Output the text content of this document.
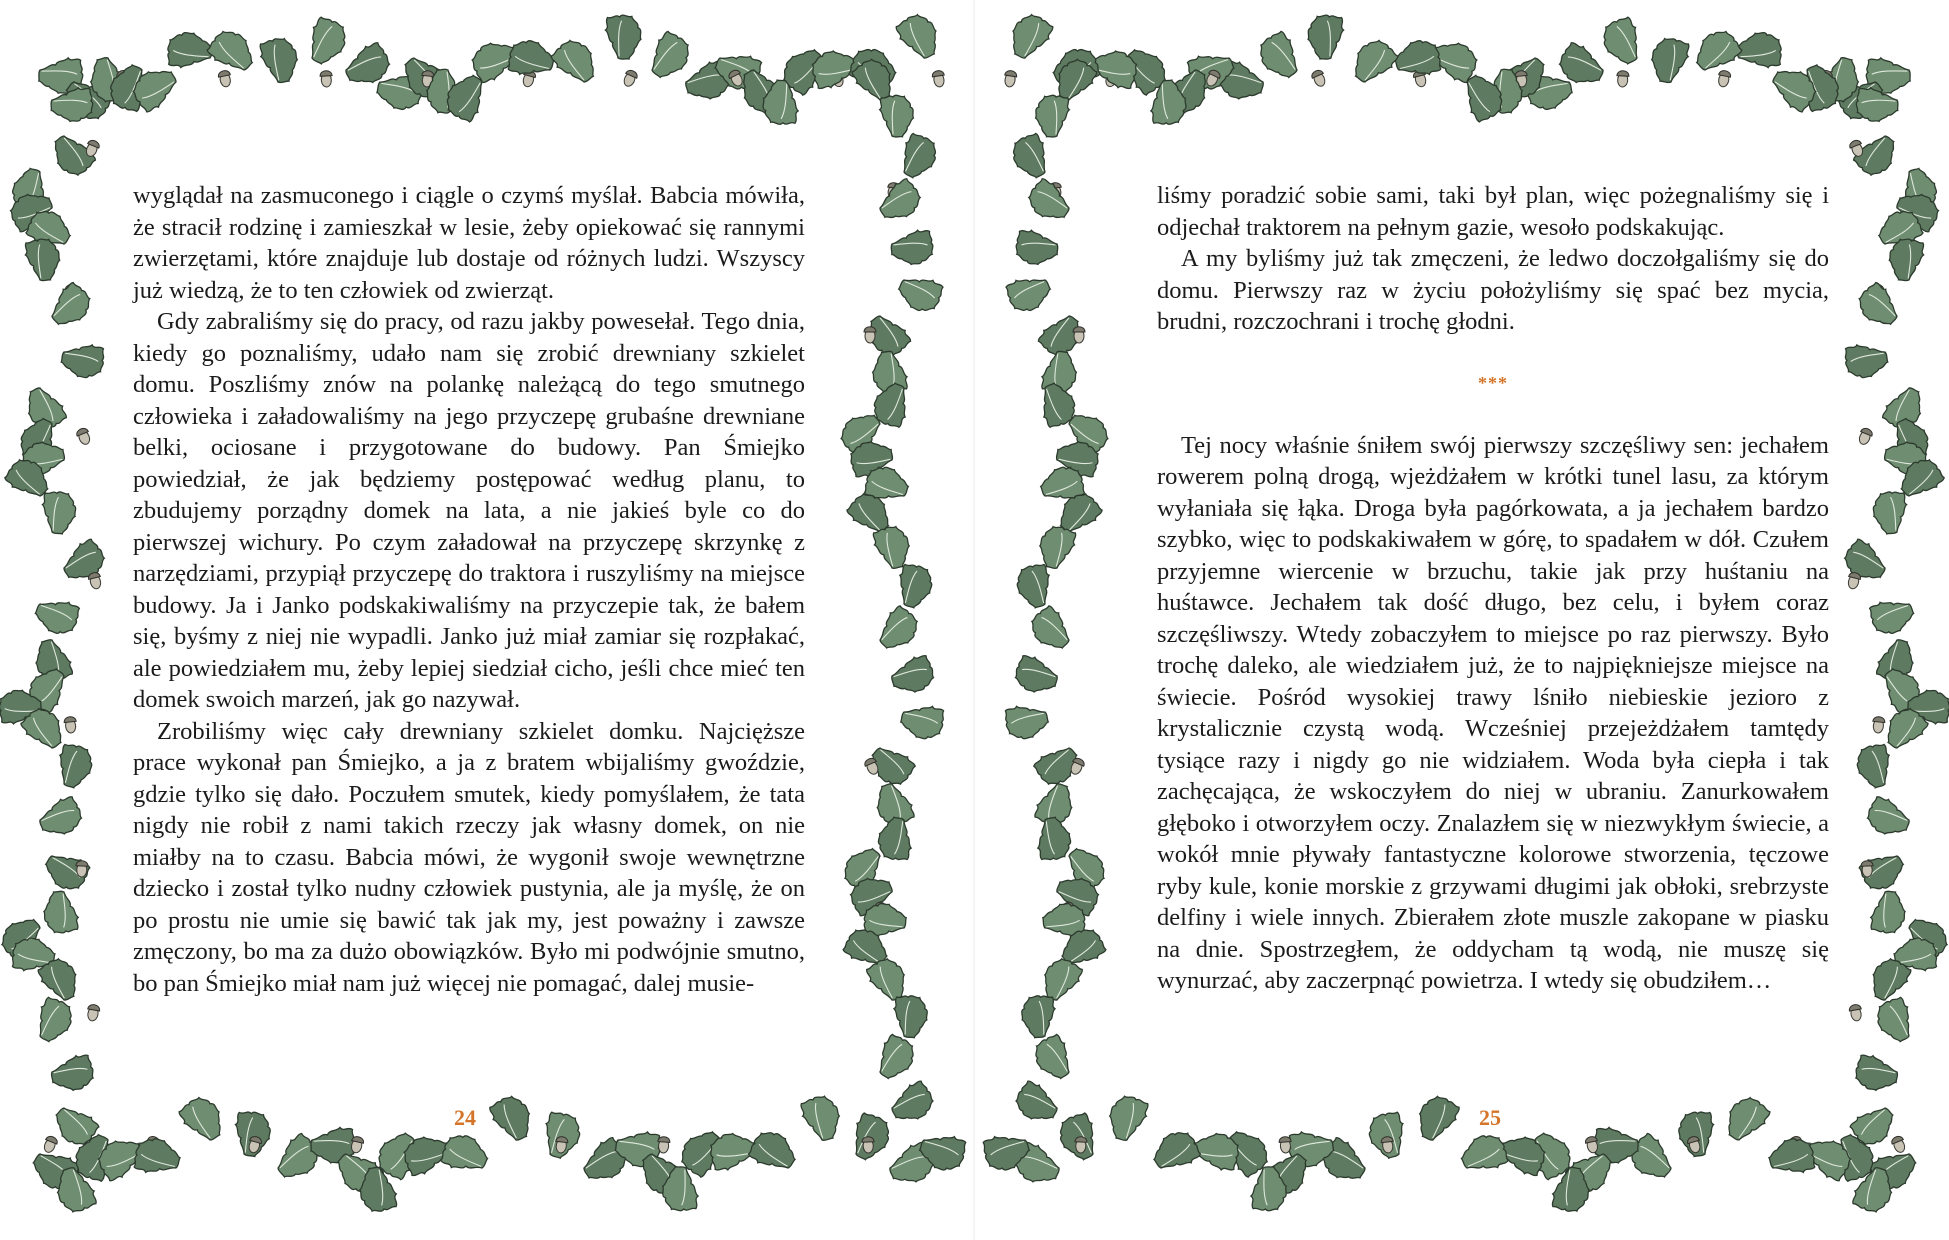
wyglądał na zasmuconego i ciągle o czymś myślał. Babcia mówiła, że stracił rodzinę i zamieszkał w lesie, żeby opiekować się rannymi zwierzętami, które znajduje lub dostaje od różnych ludzi. Wszyscy już wiedzą, że to ten człowiek od zwierząt.

Gdy zabraliśmy się do pracy, od razu jakby powesełał. Tego dnia, kiedy go poznaliśmy, udało nam się zrobić drewniany szkielet domu. Poszliśmy znów na polankę należącą do tego smutnego człowieka i załadowaliśmy na jego przyczepę grubaśne drewniane belki, ociosane i przygotowane do budowy. Pan Śmiejko powiedział, że jak będziemy postępować według planu, to zbudujemy porządny domek na lata, a nie jakieś byle co do pierwszej wichury. Po czym załadował na przyczepę skrzynkę z narzędziami, przypiął przyczepę do traktora i ruszyliśmy na miejsce budowy. Ja i Janko podskakiwaliśmy na przyczepie tak, że bałem się, byśmy z niej nie wypadli. Janko już miał zamiar się rozpłakać, ale powiedziałem mu, żeby lepiej siedział cicho, jeśli chce mieć ten domek swoich marzeń, jak go nazywał.

Zrobiliśmy więc cały drewniany szkielet domku. Najcięższe prace wykonał pan Śmiejko, a ja z bratem wbijaliśmy gwoździe, gdzie tylko się dało. Poczułem smutek, kiedy pomyślałem, że tata nigdy nie robił z nami takich rzeczy jak własny domek, on nie miałby na to czasu. Babcia mówi, że wygonił swoje wewnętrzne dziecko i został tylko nudny człowiek pustynia, ale ja myślę, że on po prostu nie umie się bawić tak jak my, jest poważny i zawsze zmęczony, bo ma za dużo obowiązków. Było mi podwójnie smutno, bo pan Śmiejko miał nam już więcej nie pomagać, dalej musie-

24

liśmy poradzić sobie sami, taki był plan, więc pożegnaliśmy się i odjechał traktorem na pełnym gazie, wesoło podskakując.

A my byliśmy już tak zmęczeni, że ledwo doczołgaliśmy się do domu. Pierwszy raz w życiu położyliśmy się spać bez mycia, brudni, rozczochrani i trochę głodni.

***

Tej nocy właśnie śniłem swój pierwszy szczęśliwy sen: jechałem rowerem polną drogą, wjeżdżałem w krótki tunel lasu, za którym wyłaniała się łąka. Droga była pagórkowata, a ja jechałem bardzo szybko, więc to podskakiwałem w górę, to spadałem w dół. Czułem przyjemne wiercenie w brzuchu, takie jak przy huśtaniu na huśtawce. Jechałem tak dość długo, bez celu, i byłem coraz szczęśliwszy. Wtedy zobaczyłem to miejsce po raz pierwszy. Było trochę daleko, ale wiedziałem już, że to najpiękniejsze miejsce na świecie. Pośród wysokiej trawy lśniło niebieskie jezioro z krystalicznie czystą wodą. Wcześniej przejeżdżałem tamtędy tysiące razy i nigdy go nie widziałem. Woda była ciepła i tak zachęcająca, że wskoczyłem do niej w ubraniu. Zanurkowałem głęboko i otworzyłem oczy. Znalazłem się w niezwykłym świecie, a wokół mnie pływały fantastyczne kolorowe stworzenia, tęczowe ryby kule, konie morskie z grzywami długimi jak obłoki, srebrzyste delfiny i wiele innych. Zbierałem złote muszle zakopane w piasku na dnie. Spostrzegłem, że oddycham tą wodą, nie muszę się wynurzać, aby zaczerpnąć powietrza. I wtedy się obudziłem…

25
